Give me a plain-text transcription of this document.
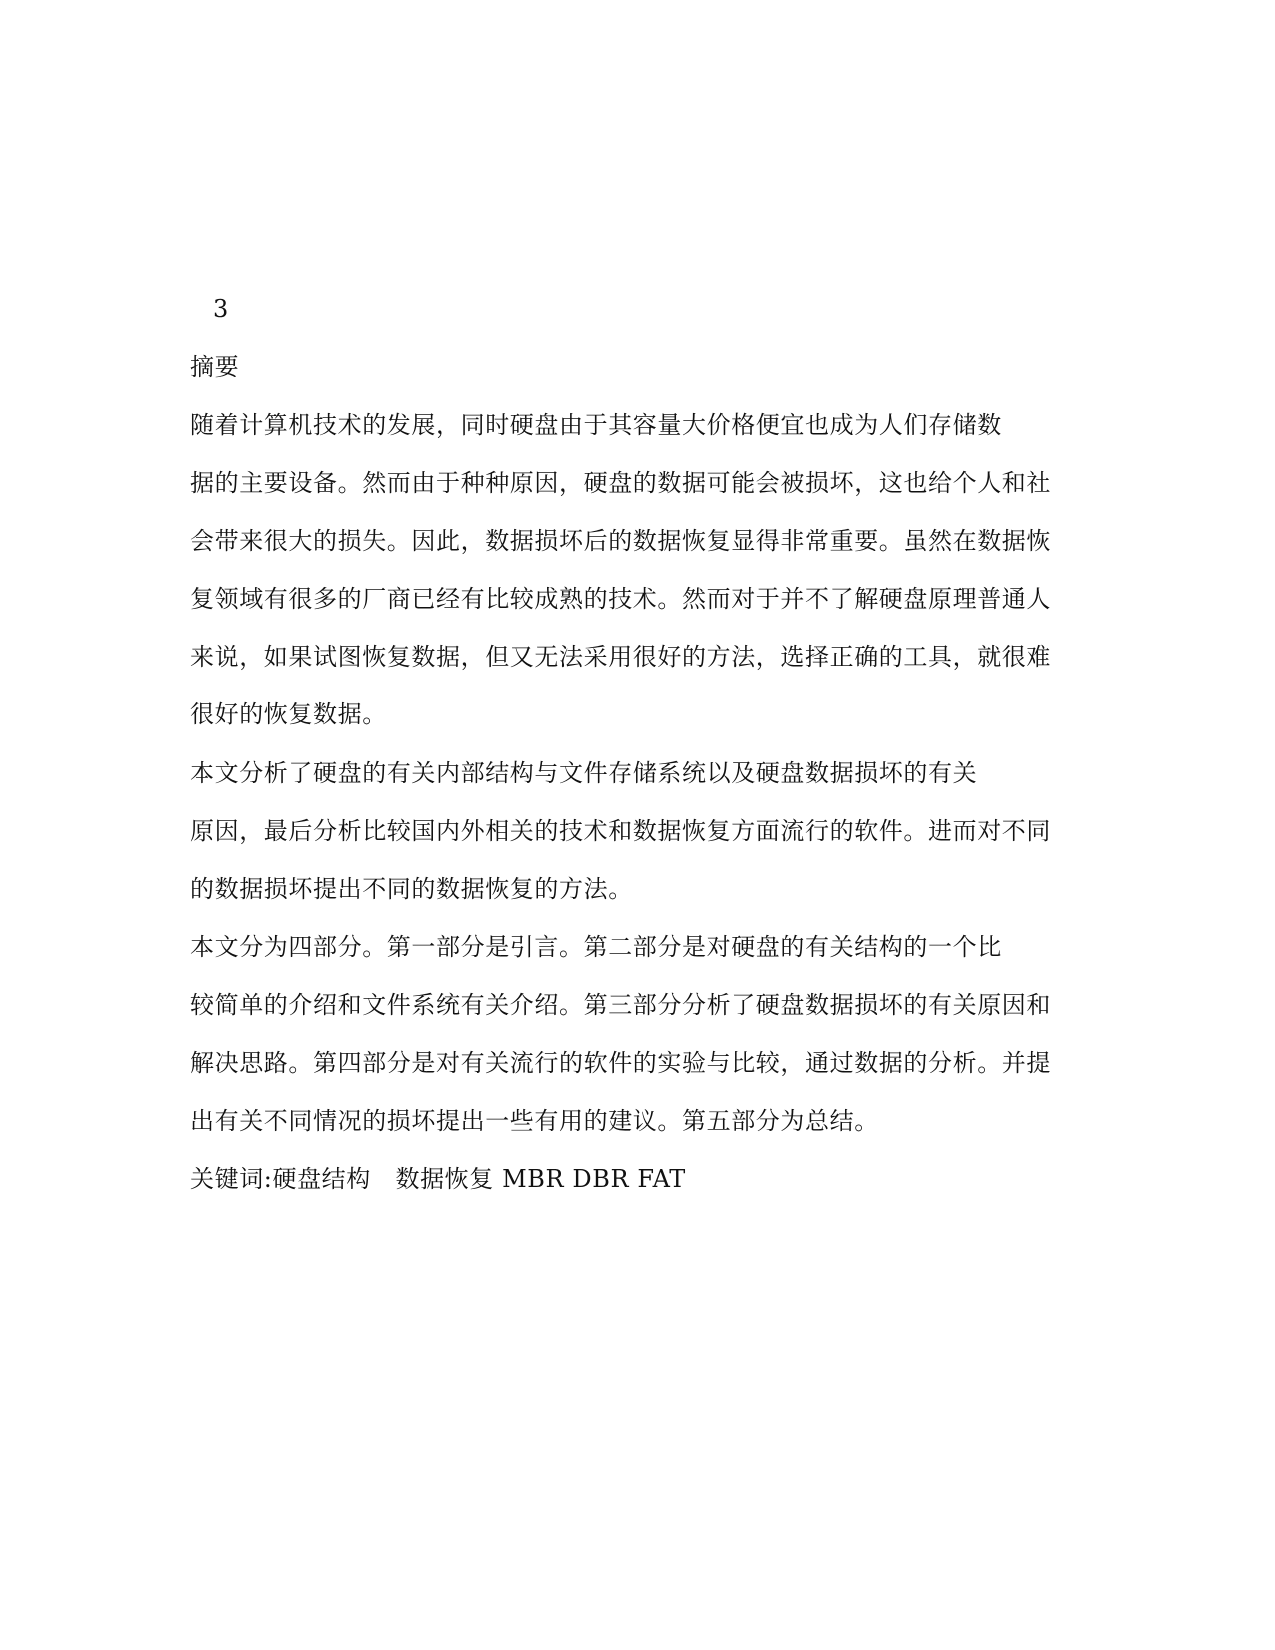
3
摘要
随着计算机技术的发展，同时硬盘由于其容量大价格便宜也成为人们存储数
据的主要设备。然而由于种种原因，硬盘的数据可能会被损坏，这也给个人和社
会带来很大的损失。因此，数据损坏后的数据恢复显得非常重要。虽然在数据恢
复领域有很多的厂商已经有比较成熟的技术。然而对于并不了解硬盘原理普通人
来说，如果试图恢复数据，但又无法采用很好的方法，选择正确的工具，就很难
很好的恢复数据。
本文分析了硬盘的有关内部结构与文件存储系统以及硬盘数据损坏的有关
原因，最后分析比较国内外相关的技术和数据恢复方面流行的软件。进而对不同
的数据损坏提出不同的数据恢复的方法。
本文分为四部分。第一部分是引言。第二部分是对硬盘的有关结构的一个比
较简单的介绍和文件系统有关介绍。第三部分分析了硬盘数据损坏的有关原因和
解决思路。第四部分是对有关流行的软件的实验与比较，通过数据的分析。并提
出有关不同情况的损坏提出一些有用的建议。第五部分为总结。
关键词:硬盘结构　数据恢复 MBR DBR FAT
